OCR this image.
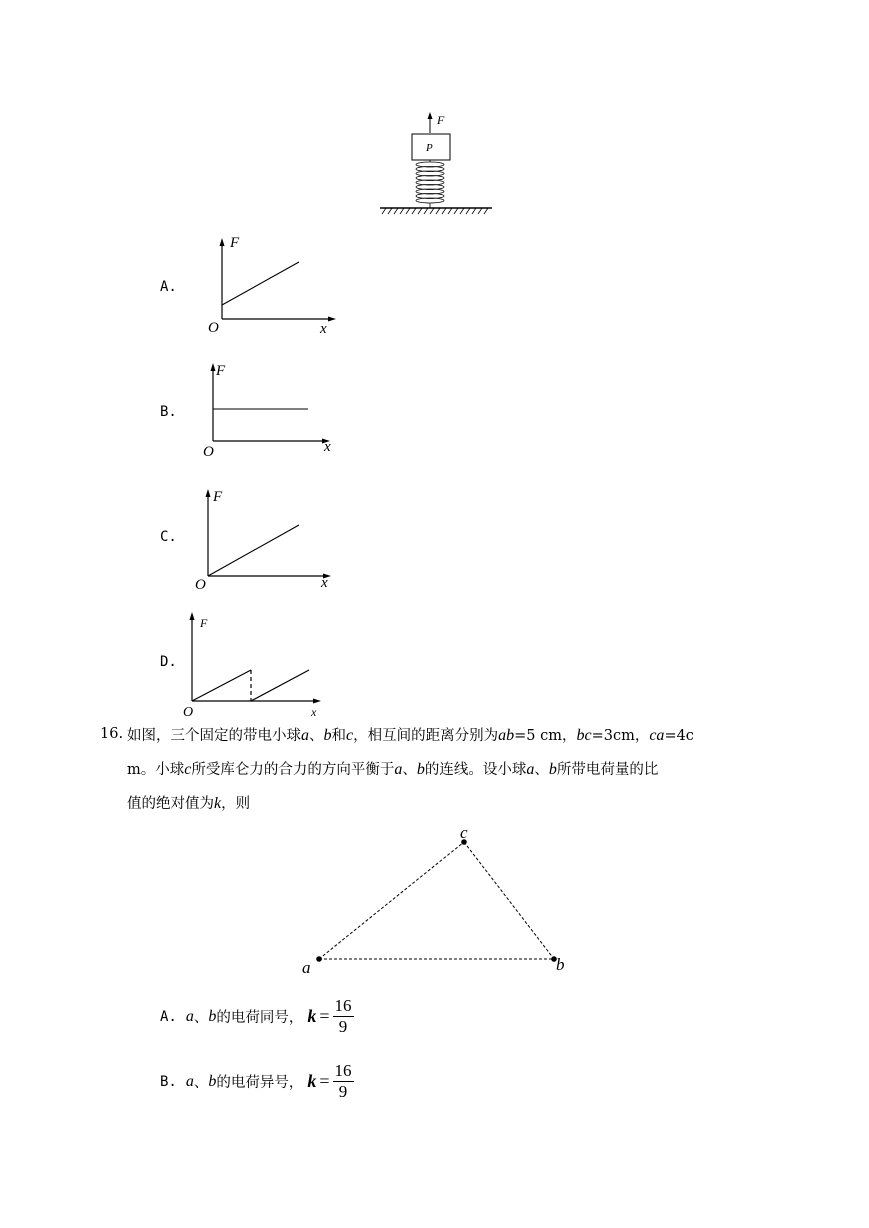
F
P
A.
F
x
O
B.
F
x
O
C.
F
x
O
D.
F
x
O
16. 如图，三个固定的带电小球a、b和c，相互间的距离分别为ab=5 cm，bc=3cm，ca=4c
m。小球c所受库仑力的合力的方向平衡于a、b的连线。设小球a、b所带电荷量的比
值的绝对值为k，则
a	b
c
A. a 、 b 的电荷同号， $k = \frac{16}{9}$
B. a 、 b 的电荷异号， $k = \frac{16}{9}$
